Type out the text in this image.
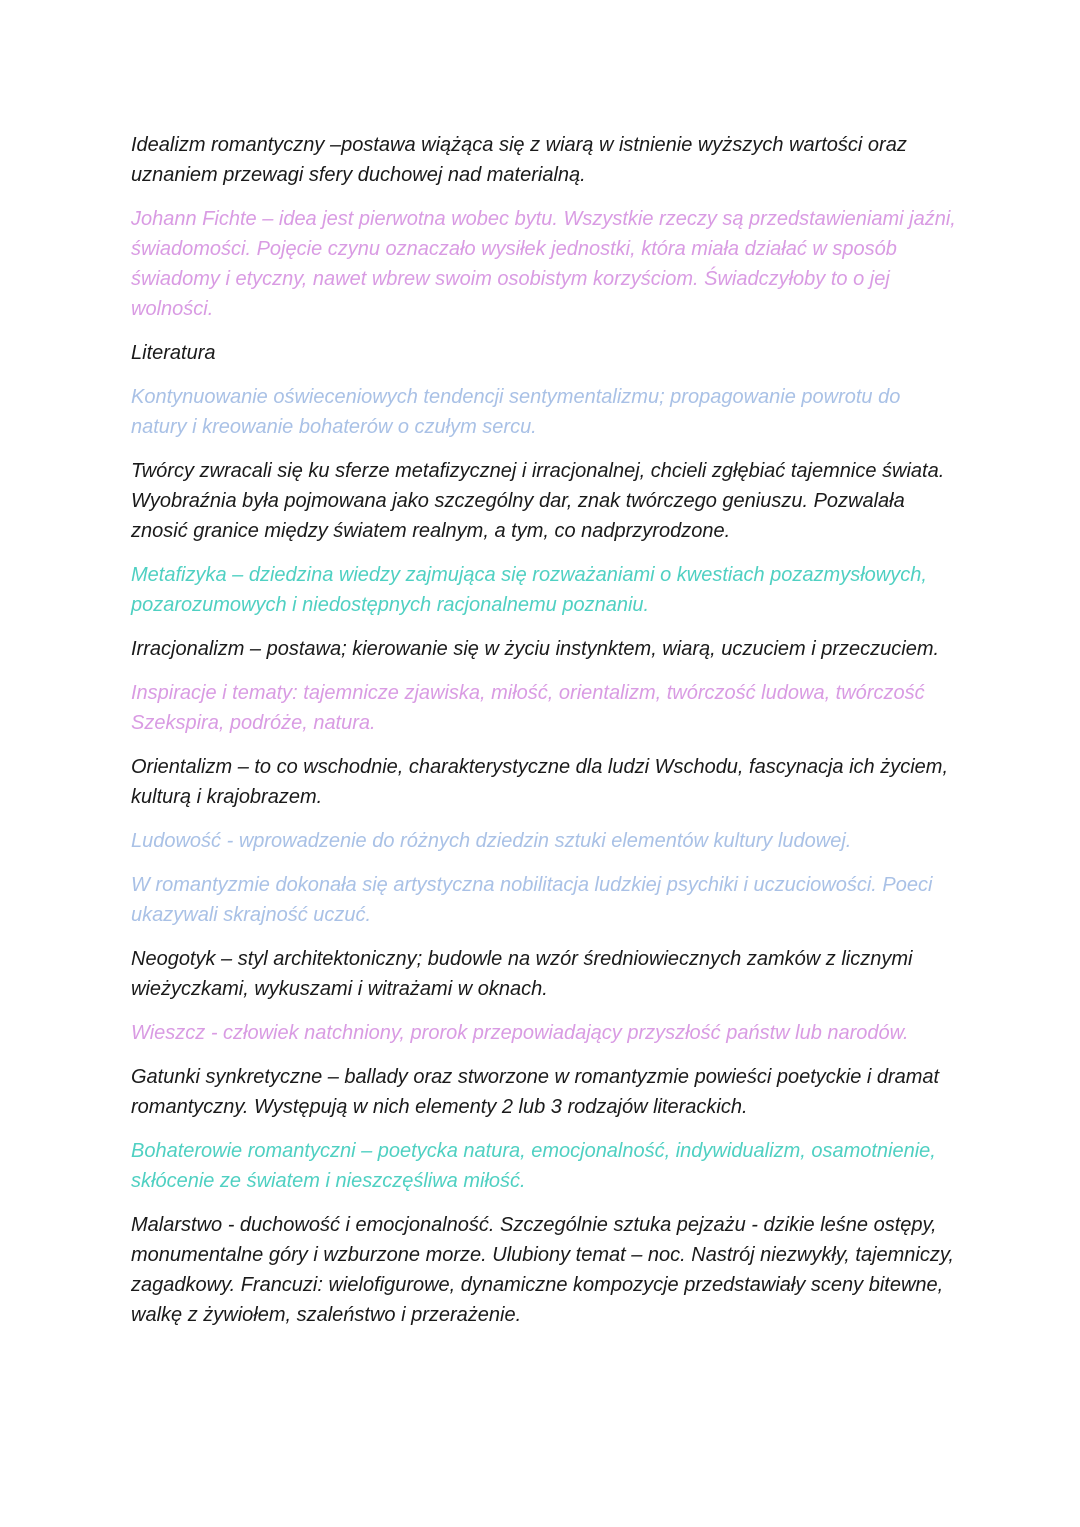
Idealizm romantyczny –postawa wiążąca się z wiarą w istnienie wyższych wartości oraz uznaniem przewagi sfery duchowej nad materialną.

Johann Fichte – idea jest pierwotna wobec bytu. Wszystkie rzeczy są przedstawieniami jaźni, świadomości. Pojęcie czynu oznaczało wysiłek jednostki, która miała działać w sposób świadomy i etyczny, nawet wbrew swoim osobistym korzyściom. Świadczyłoby to o jej wolności.

Literatura

Kontynuowanie oświeceniowych tendencji sentymentalizmu; propagowanie powrotu do natury i kreowanie bohaterów o czułym sercu.

Twórcy zwracali się ku sferze metafizycznej i irracjonalnej, chcieli zgłębiać tajemnice świata. Wyobraźnia była pojmowana jako szczególny dar, znak twórczego geniuszu. Pozwalała znosić granice między światem realnym, a tym, co nadprzyrodzone.

Metafizyka – dziedzina wiedzy zajmująca się rozważaniami o kwestiach pozazmysłowych, pozarozumowych i niedostępnych racjonalnemu poznaniu.

Irracjonalizm – postawa; kierowanie się w życiu instynktem, wiarą, uczuciem i przeczuciem.

Inspiracje i tematy: tajemnicze zjawiska, miłość, orientalizm, twórczość ludowa, twórczość Szekspira, podróże, natura.

Orientalizm – to co wschodnie, charakterystyczne dla ludzi Wschodu, fascynacja ich życiem, kulturą i krajobrazem.

Ludowość - wprowadzenie do różnych dziedzin sztuki elementów kultury ludowej.

W romantyzmie dokonała się artystyczna nobilitacja ludzkiej psychiki i uczuciowości. Poeci ukazywali skrajność uczuć.

Neogotyk – styl architektoniczny; budowle na wzór średniowiecznych zamków z licznymi wieżyczkami, wykuszami i witrażami w oknach.

Wieszcz - człowiek natchniony, prorok przepowiadający przyszłość państw lub narodów.

Gatunki synkretyczne – ballady oraz stworzone w romantyzmie powieści poetyckie i dramat romantyczny. Występują w nich elementy 2 lub 3 rodzajów literackich.

Bohaterowie romantyczni – poetycka natura, emocjonalność, indywidualizm, osamotnienie, skłócenie ze światem i nieszczęśliwa miłość.

Malarstwo - duchowość i emocjonalność. Szczególnie sztuka pejzażu - dzikie leśne ostępy, monumentalne góry i wzburzone morze. Ulubiony temat – noc. Nastrój niezwykły, tajemniczy, zagadkowy. Francuzi: wielofigurowe, dynamiczne kompozycje przedstawiały sceny bitewne, walkę z żywiołem, szaleństwo i przerażenie.
